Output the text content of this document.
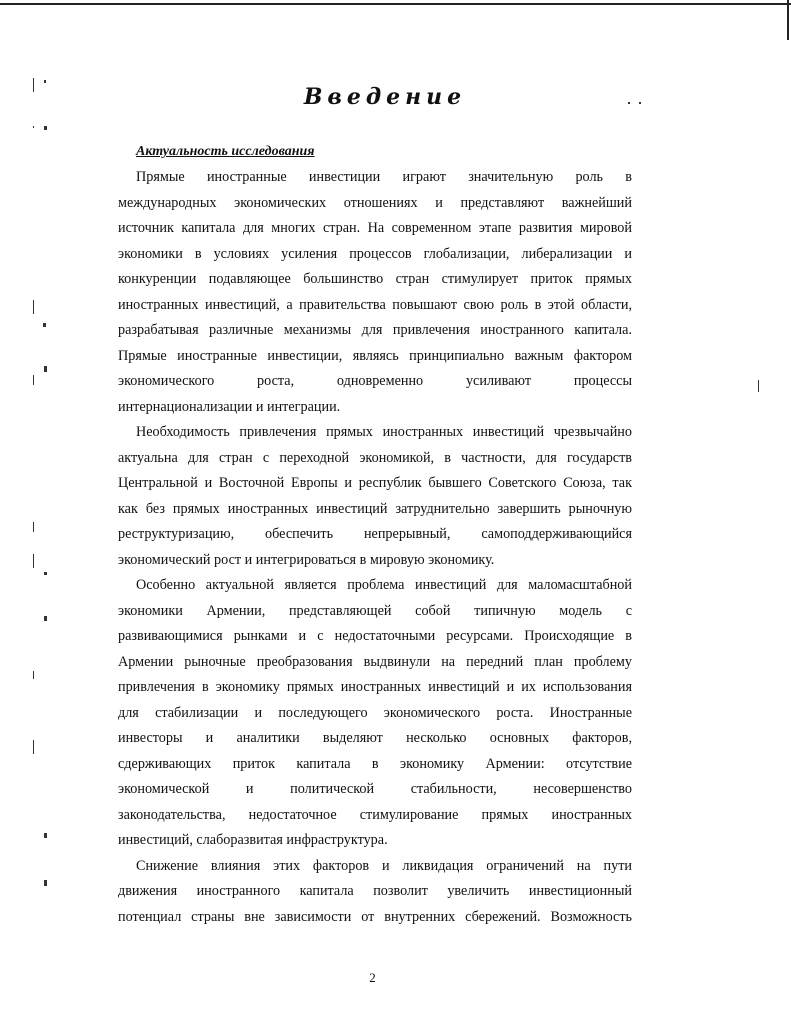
Введение
Актуальность исследования
Прямые иностранные инвестиции играют значительную роль в
международных экономических отношениях и представляют важнейший
источник капитала для многих стран. На современном этапе развития мировой
экономики в условиях усиления процессов глобализации, либерализации и
конкуренции подавляющее большинство стран стимулирует приток прямых
иностранных инвестиций, а правительства повышают свою роль в этой области,
разрабатывая различные механизмы для привлечения иностранного капитала.
Прямые иностранные инвестиции, являясь принципиально важным фактором
экономического роста, одновременно усиливают процессы
интернационализации и интеграции.
Необходимость привлечения прямых иностранных инвестиций чрезвычайно
актуальна для стран с переходной экономикой, в частности, для государств
Центральной и Восточной Европы и республик бывшего Советского Союза, так
как без прямых иностранных инвестиций затруднительно завершить рыночную
реструктуризацию, обеспечить непрерывный, самоподдерживающийся
экономический рост и интегрироваться в мировую экономику.
Особенно актуальной является проблема инвестиций для маломасштабной
экономики Армении, представляющей собой типичную модель с
развивающимися рынками и с недостаточными ресурсами. Происходящие в
Армении рыночные преобразования выдвинули на передний план проблему
привлечения в экономику прямых иностранных инвестиций и их использования
для стабилизации и последующего экономического роста. Иностранные
инвесторы и аналитики выделяют несколько основных факторов,
сдерживающих приток капитала в экономику Армении: отсутствие
экономической и политической стабильности, несовершенство
законодательства, недостаточное стимулирование прямых иностранных
инвестиций, слаборазвитая инфраструктура.
Снижение влияния этих факторов и ликвидация ограничений на пути
движения иностранного капитала позволит увеличить инвестиционный
потенциал страны вне зависимости от внутренних сбережений. Возможность
2
